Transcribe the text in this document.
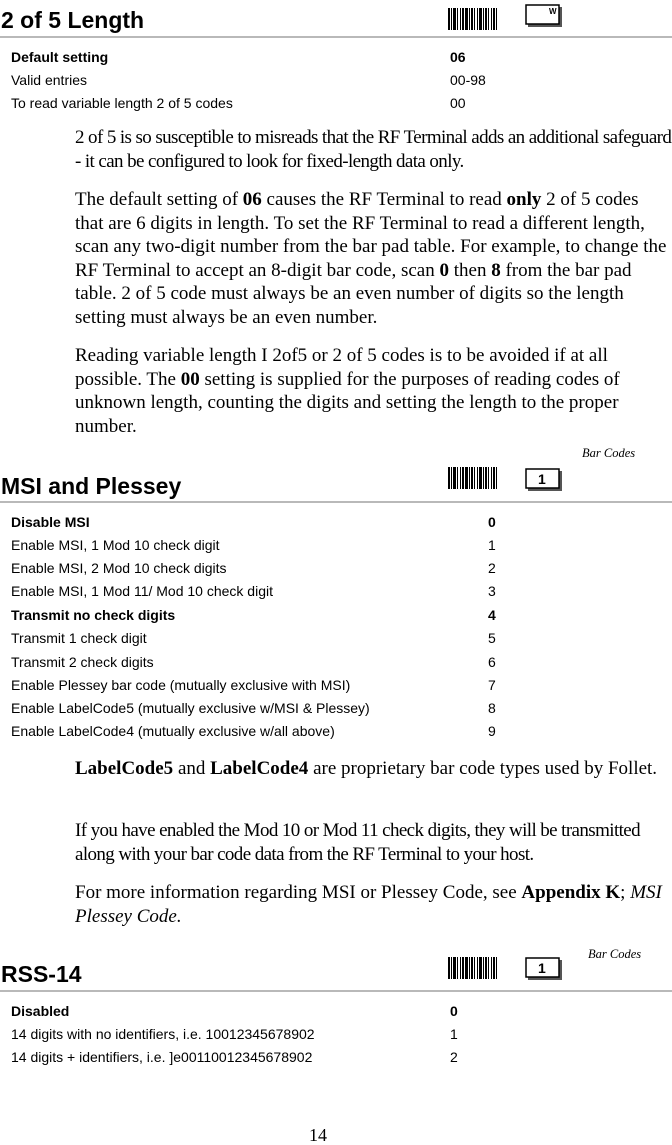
2 of 5 Length	W
Default setting	06
Valid entries	00-98
To read variable length 2 of 5 codes	00
2 of 5 is so susceptible to misreads that the RF Terminal adds an additional safeguard - it can be configured to look for fixed-length data only.
The default setting of 06 causes the RF Terminal to read only 2 of 5 codes that are 6 digits in length. To set the RF Terminal to read a different length, scan any two-digit number from the bar pad table. For example, to change the RF Terminal to accept an 8-digit bar code, scan 0 then 8 from the bar pad table. 2 of 5 code must always be an even number of digits so the length setting must always be an even number.
Reading variable length I 2of5 or 2 of 5 codes is to be avoided if at all possible. The 00 setting is supplied for the purposes of reading codes of unknown length, counting the digits and setting the length to the proper number.
Bar Codes
MSI and Plessey	1
Disable MSI	0
Enable MSI, 1 Mod 10 check digit	1
Enable MSI, 2 Mod 10 check digits	2
Enable MSI, 1 Mod 11/ Mod 10 check digit	3
Transmit no check digits	4
Transmit 1 check digit	5
Transmit 2 check digits	6
Enable Plessey bar code (mutually exclusive with MSI)	7
Enable LabelCode5 (mutually exclusive w/MSI & Plessey)	8
Enable LabelCode4 (mutually exclusive w/all above)	9
LabelCode5 and LabelCode4 are proprietary bar code types used by Follet.
If you have enabled the Mod 10 or Mod 11 check digits, they will be transmitted along with your bar code data from the RF Terminal to your host.
For more information regarding MSI or Plessey Code, see Appendix K; MSI Plessey Code.
Bar Codes
RSS-14	1
Disabled	0
14 digits with no identifiers, i.e. 10012345678902	1
14 digits + identifiers, i.e. ]e00110012345678902	2
14
